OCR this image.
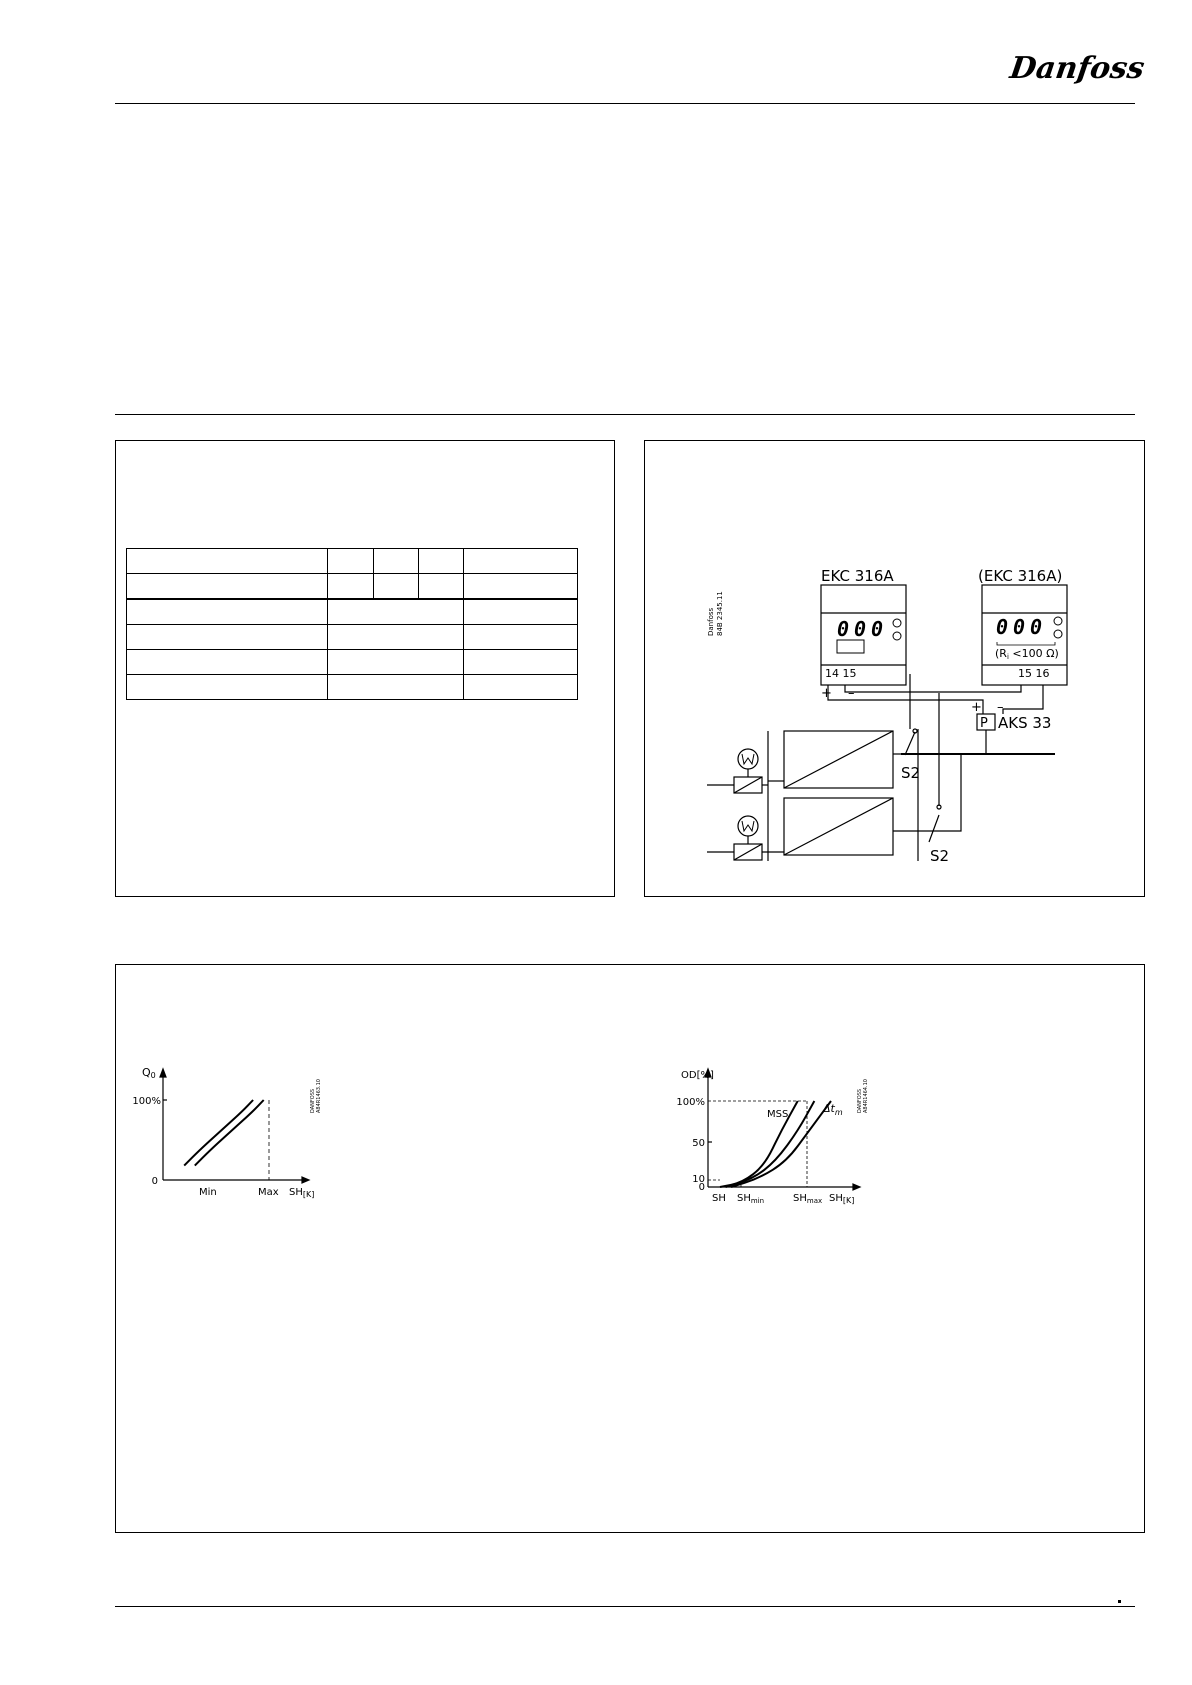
Danfoss

Danfoss 84B 2345.11
EKC 316A
000
14 15
(EKC 316A)
000
(Ri <100 Ω)
15 16
+ –
+ –
P AKS 33
S2
S2
Q0
100%
0
Min	Max $SH_{[K]}$
DANFOSS A84R1463.10
OD[%]
100%
50
10
0
SH $SH_{min}$	$SH_{max}$ $SH_{[K]}$
MSS	$\Delta t_m$	DANFOSS A84R1464.10
